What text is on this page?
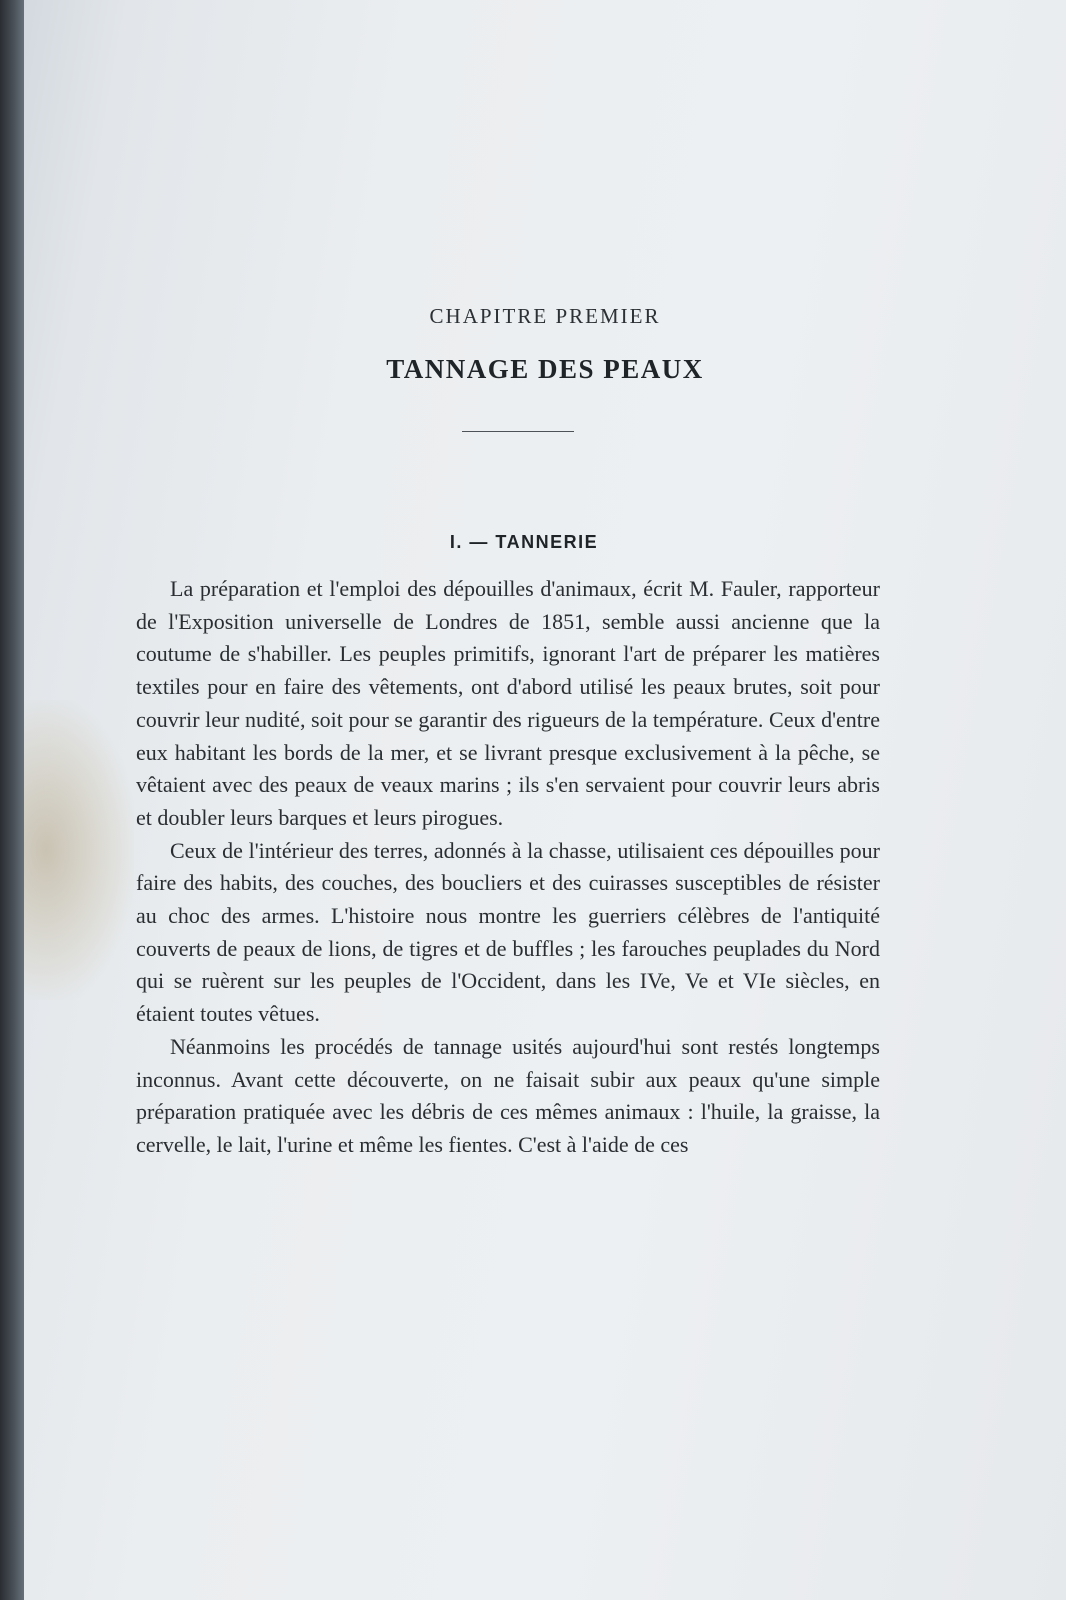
CHAPITRE PREMIER
TANNAGE DES PEAUX
I. — TANNERIE

La préparation et l'emploi des dépouilles d'animaux, écrit M. Fauler, rapporteur de l'Exposition universelle de Londres de 1851, semble aussi ancienne que la coutume de s'habiller. Les peuples primitifs, ignorant l'art de préparer les matières textiles pour en faire des vêtements, ont d'abord utilisé les peaux brutes, soit pour couvrir leur nudité, soit pour se garantir des rigueurs de la température. Ceux d'entre eux habitant les bords de la mer, et se livrant presque exclusivement à la pêche, se vêtaient avec des peaux de veaux marins ; ils s'en servaient pour couvrir leurs abris et doubler leurs barques et leurs pirogues.

Ceux de l'intérieur des terres, adonnés à la chasse, utilisaient ces dépouilles pour faire des habits, des couches, des boucliers et des cuirasses susceptibles de résister au choc des armes. L'histoire nous montre les guerriers célèbres de l'antiquité couverts de peaux de lions, de tigres et de buffles ; les farouches peuplades du Nord qui se ruèrent sur les peuples de l'Occident, dans les IVe, Ve et VIe siècles, en étaient toutes vêtues.

Néanmoins les procédés de tannage usités aujourd'hui sont restés longtemps inconnus. Avant cette découverte, on ne faisait subir aux peaux qu'une simple préparation pratiquée avec les débris de ces mêmes animaux : l'huile, la graisse, la cervelle, le lait, l'urine et même les fientes. C'est à l'aide de ces
